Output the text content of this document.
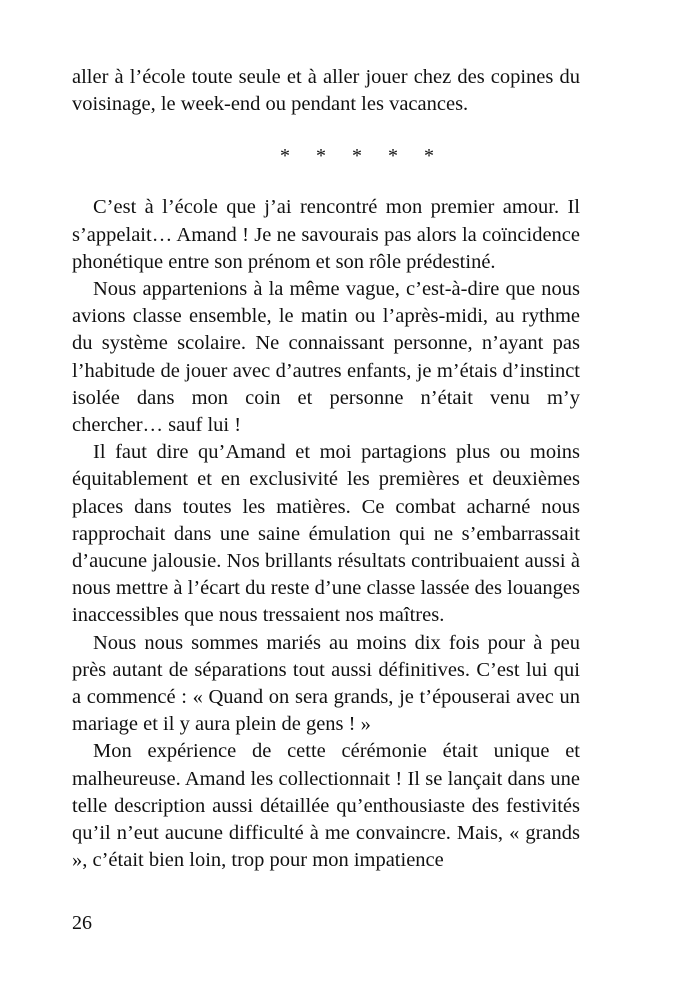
aller à l’école toute seule et à aller jouer chez des copines du voisinage, le week-end ou pendant les vacances.

* * * * *

C’est à l’école que j’ai rencontré mon premier amour. Il s’appelait… Amand ! Je ne savourais pas alors la coïncidence phonétique entre son prénom et son rôle prédestiné.

Nous appartenions à la même vague, c’est-à-dire que nous avions classe ensemble, le matin ou l’après-midi, au rythme du système scolaire. Ne connaissant personne, n’ayant pas l’habitude de jouer avec d’autres enfants, je m’étais d’instinct isolée dans mon coin et personne n’était venu m’y chercher… sauf lui !

Il faut dire qu’Amand et moi partagions plus ou moins équitablement et en exclusivité les premières et deuxièmes places dans toutes les matières. Ce combat acharné nous rapprochait dans une saine émulation qui ne s’embarrassait d’aucune jalousie. Nos brillants résultats contribuaient aussi à nous mettre à l’écart du reste d’une classe lassée des louanges inaccessibles que nous tressaient nos maîtres.

Nous nous sommes mariés au moins dix fois pour à peu près autant de séparations tout aussi définitives. C’est lui qui a commencé : « Quand on sera grands, je t’épouserai avec un mariage et il y aura plein de gens ! »

Mon expérience de cette cérémonie était unique et malheureuse. Amand les collectionnait ! Il se lançait dans une telle description aussi détaillée qu’enthousiaste des festivités qu’il n’eut aucune difficulté à me convaincre. Mais, « grands », c’était bien loin, trop pour mon impatience

26
